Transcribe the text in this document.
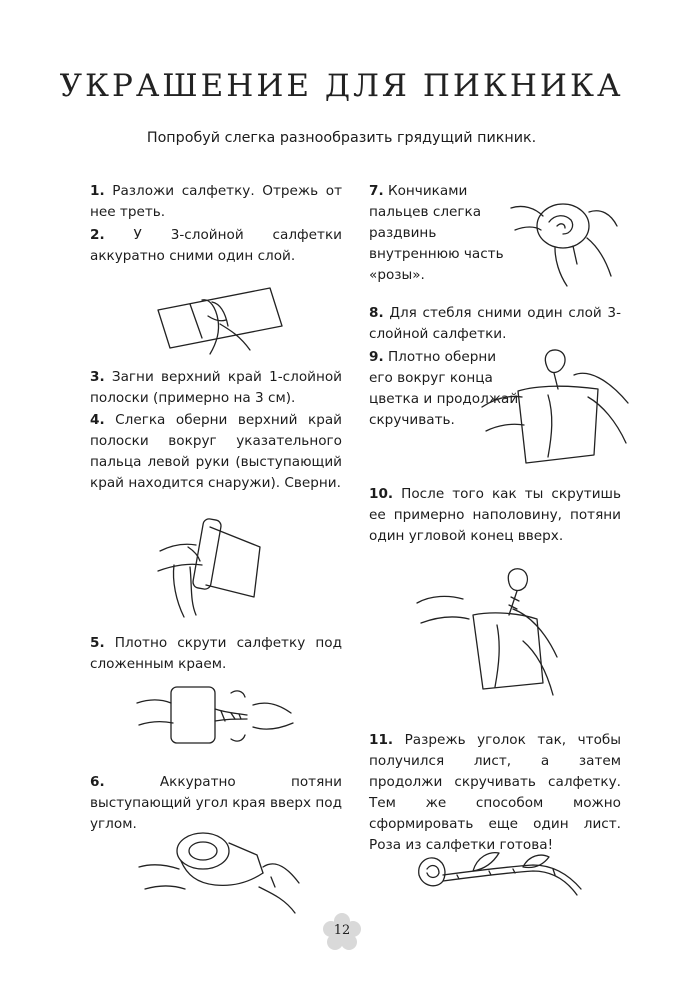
УКРАШЕНИЕ ДЛЯ ПИКНИКА

Попробуй слегка разнообразить грядущий пикник.

1. Разложи салфетку. Отрежь от нее треть.

2. У 3-слойной салфетки аккуратно сними один слой.

3. Загни верхний край 1-слойной полоски (примерно на 3 см).

4. Слегка оберни верхний край полоски вокруг указательного пальца левой руки (выступающий край находится снаружи). Сверни.

5. Плотно скрути салфетку под сложенным краем.

6.	Аккуратно потяни выступающий угол края вверх под углом.

7. Кончиками пальцев слегка раздвинь внутреннюю часть «розы».

8. Для стебля сними один слой 3-слойной салфетки.

9. Плотно оберни его вокруг конца цветка и продолжай скручивать.

10. После того как ты скрутишь ее примерно наполовину, потяни один угловой конец вверх.

11. Разрежь уголок так, чтобы получился лист, а затем продолжи скручивать салфетку. Тем же способом можно сформировать еще один лист. Роза из салфетки готова!

12
